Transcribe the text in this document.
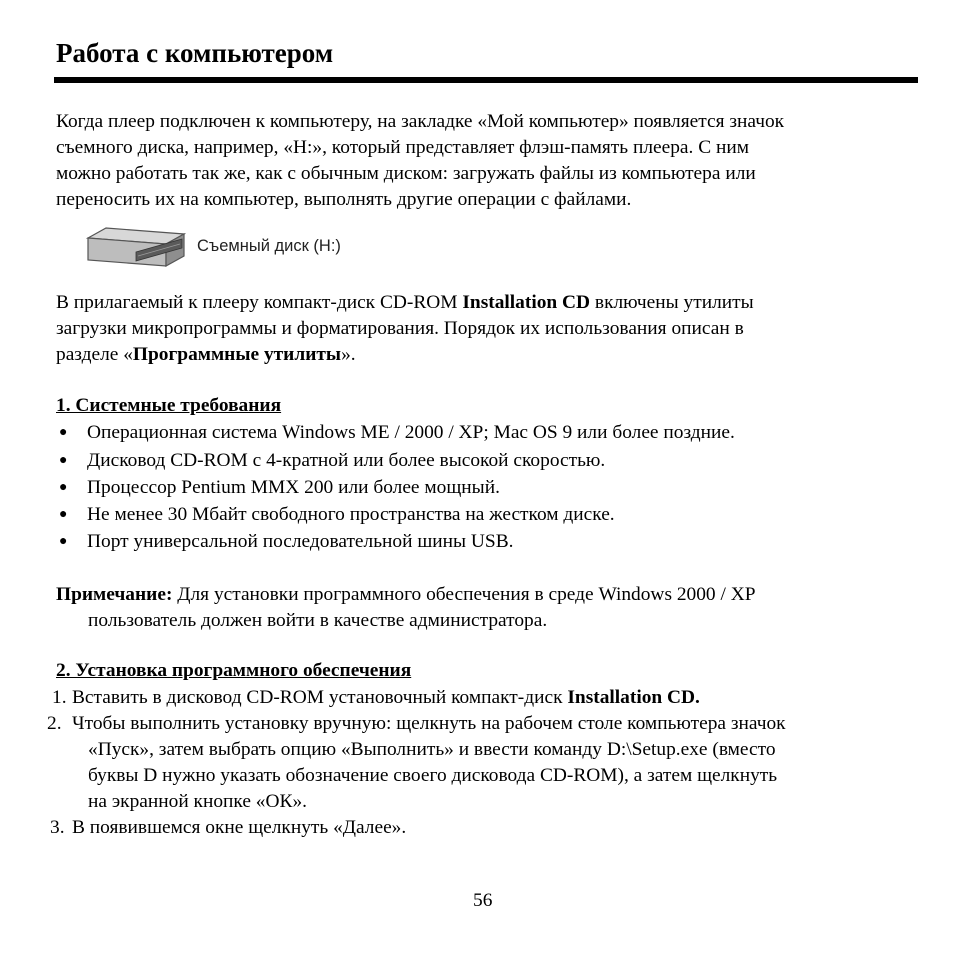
Работа с компьютером
Когда плеер подключен к компьютеру, на закладке «Мой компьютер» появляется значок
съемного диска, например, «H:», который представляет флэш-память плеера. С ним
можно работать так же, как с обычным диском: загружать файлы из компьютера или
переносить их на компьютер, выполнять другие операции с файлами.
Съемный диск (H:)
В прилагаемый к плееру компакт-диск CD-ROM Installation CD включены утилиты
загрузки микропрограммы и форматирования. Порядок их использования описан в
разделе «Программные утилиты».
1. Системные требования
● Операционная система Windows ME / 2000 / XP; Mac OS 9 или более поздние.
● Дисковод CD-ROM с 4-кратной или более высокой скоростью.
● Процессор Pentium MMX 200 или более мощный.
● Не менее 30 Мбайт свободного пространства на жестком диске.
● Порт универсальной последовательной шины USB.
Примечание: Для установки программного обеспечения в среде Windows 2000 / XP
пользователь должен войти в качестве администратора.
2. Установка программного обеспечения
1. Вставить в дисковод CD-ROM установочный компакт-диск Installation CD.
2. Чтобы выполнить установку вручную: щелкнуть на рабочем столе компьютера значок
«Пуск», затем выбрать опцию «Выполнить» и ввести команду D:\Setup.exe (вместо
буквы D нужно указать обозначение своего дисковода CD-ROM), а затем щелкнуть
на экранной кнопке «ОК».
3. В появившемся окне щелкнуть «Далее».
56
